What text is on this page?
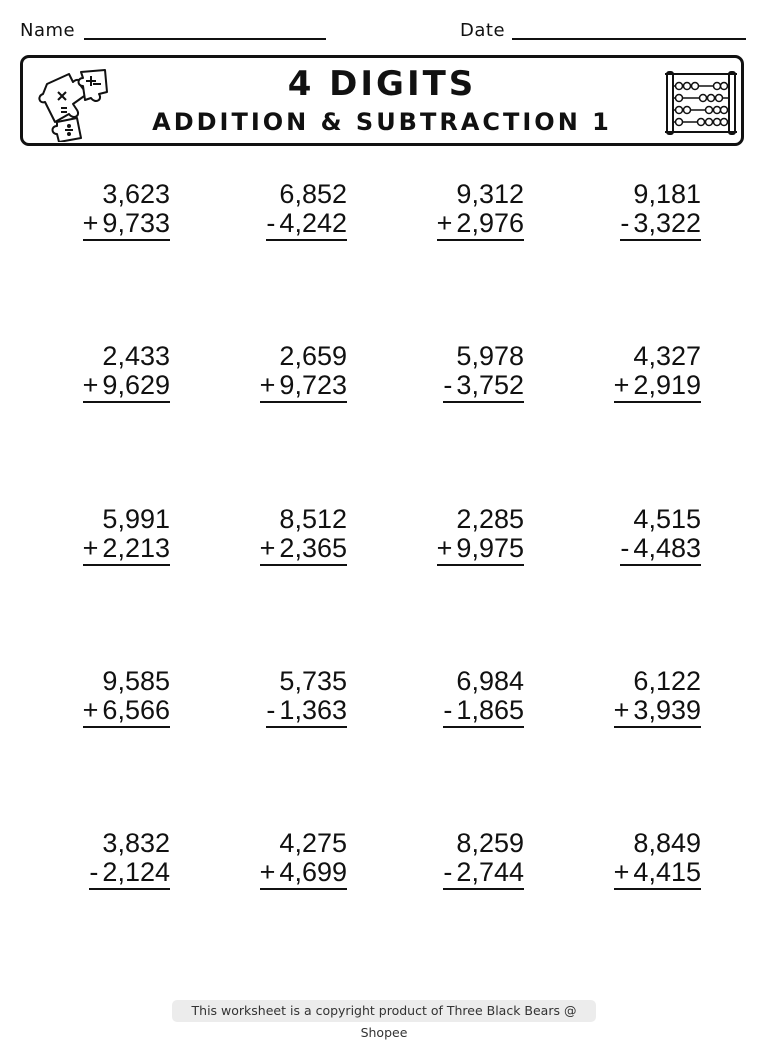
Name	Date
4 DIGITS
ADDITION & SUBTRACTION 1
3,623
+ 9,733
6,852
- 4,242
9,312
+ 2,976
9,181
- 3,322
2,433
+ 9,629
2,659
+ 9,723
5,978
- 3,752
4,327
+ 2,919
5,991
+ 2,213
8,512
+ 2,365
2,285
+ 9,975
4,515
- 4,483
9,585
+ 6,566
5,735
- 1,363
6,984
- 1,865
6,122
+ 3,939
3,832
- 2,124
4,275
+ 4,699
8,259
- 2,744
8,849
+ 4,415
This worksheet is a copyright product of Three Black Bears @ Shopee
